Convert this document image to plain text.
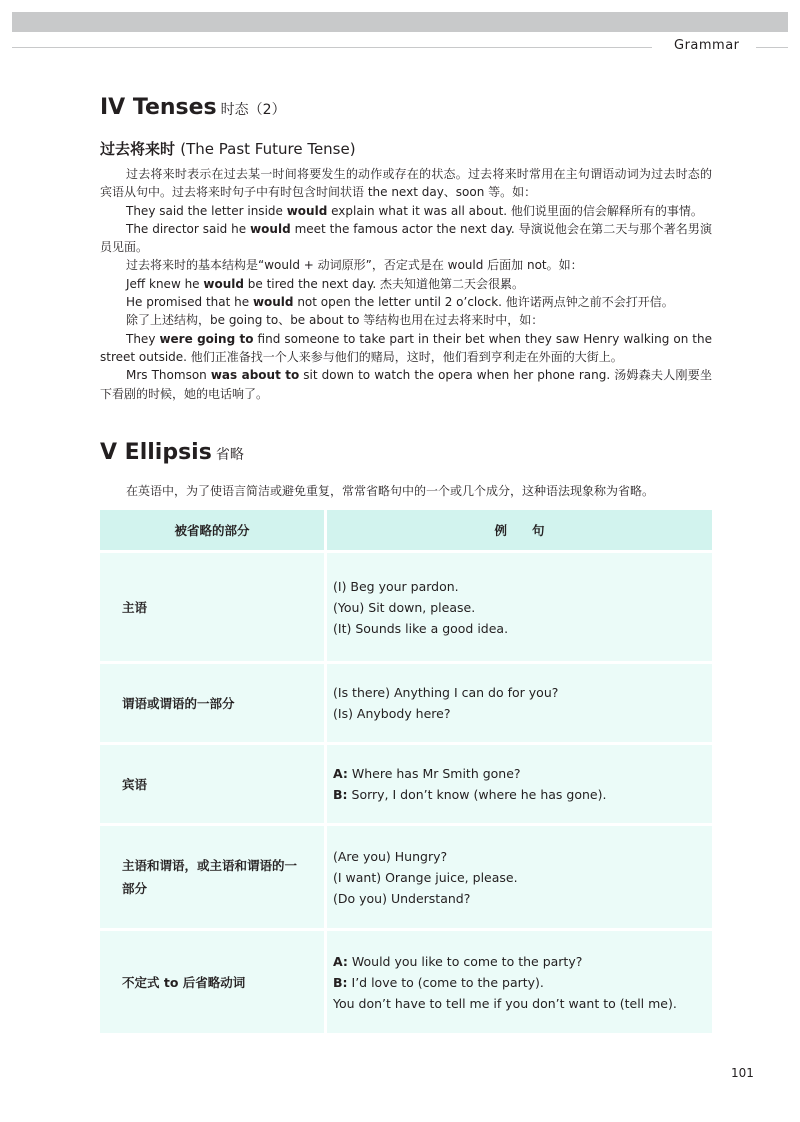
Grammar
IV Tenses 时态（2）
过去将来时 (The Past Future Tense)

过去将来时表示在过去某一时间将要发生的动作或存在的状态。过去将来时常用在主句谓语动词为过去时态的宾语从句中。过去将来时句子中有时包含时间状语 the next day、soon 等。如：

They said the letter inside would explain what it was all about. 他们说里面的信会解释所有的事情。

The director said he would meet the famous actor the next day. 导演说他会在第二天与那个著名男演员见面。

过去将来时的基本结构是“would + 动词原形”，否定式是在 would 后面加 not。如：

Jeff knew he would be tired the next day. 杰夫知道他第二天会很累。

He promised that he would not open the letter until 2 o’clock. 他许诺两点钟之前不会打开信。

除了上述结构，be going to、be about to 等结构也用在过去将来时中，如：

They were going to find someone to take part in their bet when they saw Henry walking on the street outside. 他们正准备找一个人来参与他们的赌局，这时，他们看到亨利走在外面的大街上。

Mrs Thomson was about to sit down to watch the opera when her phone rang. 汤姆森夫人刚要坐下看剧的时候，她的电话响了。

V Ellipsis 省略
在英语中，为了使语言简洁或避免重复，常常省略句中的一个或几个成分，这种语法现象称为省略。
被省略的部分	例　　句
主语	(I) Beg your pardon.
(You) Sit down, please.
(It) Sounds like a good idea.

谓语或谓语的一部分	(Is there) Anything I can do for you?
(Is) Anybody here?

宾语	A: Where has Mr Smith gone?
B: Sorry, I don’t know (where he has gone).

主语和谓语，或主语和谓语的一部分	(Are you) Hungry?
(I want) Orange juice, please.
(Do you) Understand?

不定式 to 后省略动词	A: Would you like to come to the party?
B: I’d love to (come to the party).
You don’t have to tell me if you don’t want to (tell me).
101
